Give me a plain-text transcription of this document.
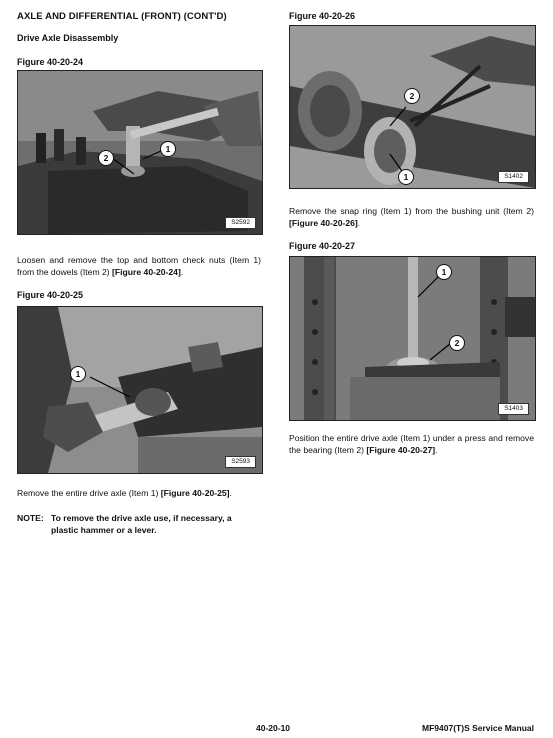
AXLE AND DIFFERENTIAL (FRONT) (CONT'D)
Drive Axle Disassembly
Figure 40-20-24
2
1
S2592
Loosen and remove the top and bottom check nuts (Item 1) from the dowels (Item 2) [Figure 40-20-24].
Figure 40-20-25
1
S2593
Remove the entire drive axle (Item 1) [Figure 40-20-25].
NOTE: To remove the drive axle use, if necessary, a
plastic hammer or a lever.
Figure 40-20-26
2
1	S1402
Remove the snap ring (Item 1) from the bushing unit (Item 2) [Figure 40-20-26].
Figure 40-20-27
1
2
S1403
Position the entire drive axle (Item 1) under a press and remove the bearing (Item 2) [Figure 40-20-27].
40-20-10	MF9407(T)S Service Manual
